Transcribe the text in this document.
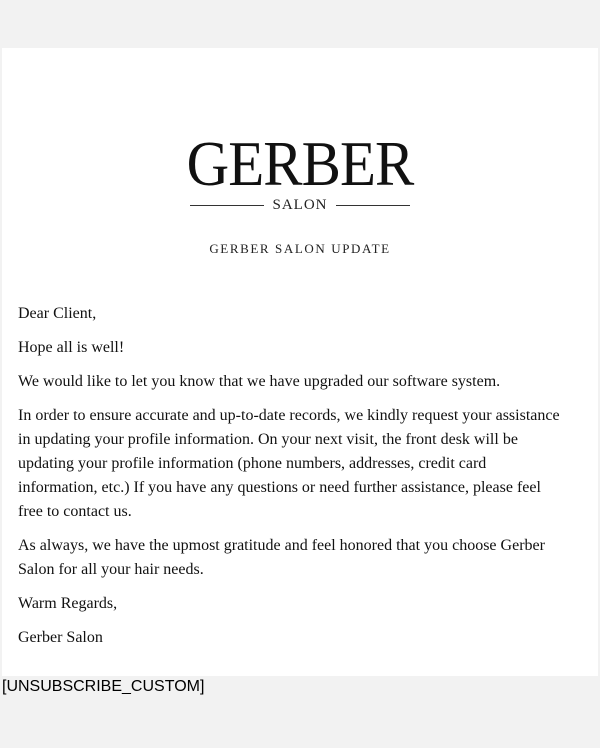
GERBER
SALON
GERBER SALON UPDATE

Dear Client,

Hope all is well!

We would like to let you know that we have upgraded our software system.

In order to ensure accurate and up-to-date records, we kindly request your assistance in updating your profile information. On your next visit, the front desk will be updating your profile information (phone numbers, addresses, credit card information, etc.) If you have any questions or need further assistance, please feel free to contact us.

As always, we have the upmost gratitude and feel honored that you choose Gerber Salon for all your hair needs.

Warm Regards,

Gerber Salon

[UNSUBSCRIBE_CUSTOM]
